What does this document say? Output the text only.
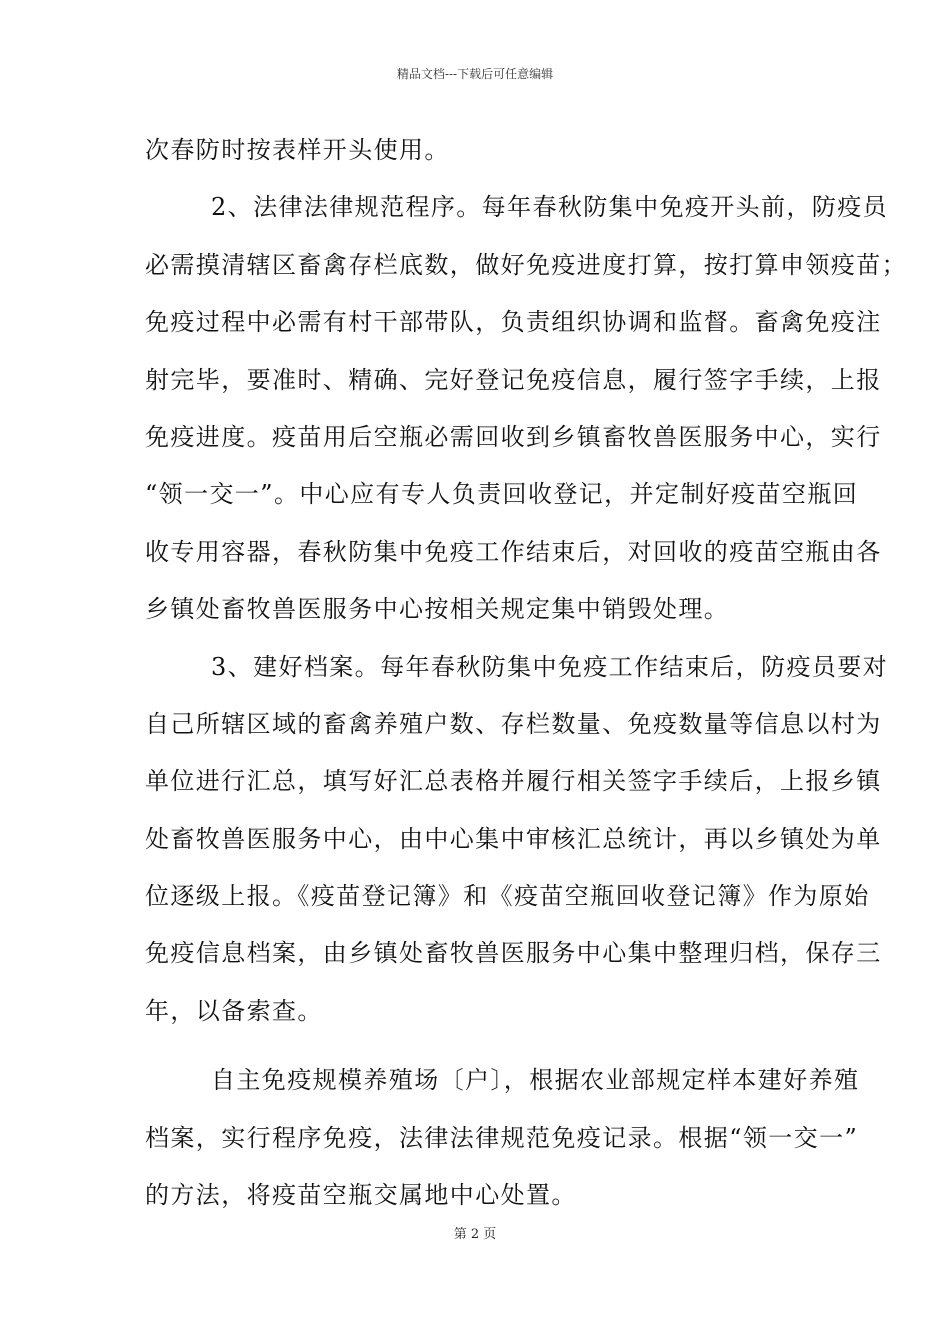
精品文档---下载后可任意编辑
次春防时按表样开头使用。
2、法律法律规范程序。每年春秋防集中免疫开头前，防疫员
必需摸清辖区畜禽存栏底数，做好免疫进度打算，按打算申领疫苗；
免疫过程中必需有村干部带队，负责组织协调和监督。畜禽免疫注
射完毕，要准时、精确、完好登记免疫信息，履行签字手续，上报
免疫进度。疫苗用后空瓶必需回收到乡镇畜牧兽医服务中心，实行
“领一交一”。中心应有专人负责回收登记，并定制好疫苗空瓶回
收专用容器，春秋防集中免疫工作结束后，对回收的疫苗空瓶由各
乡镇处畜牧兽医服务中心按相关规定集中销毁处理。
3、建好档案。每年春秋防集中免疫工作结束后，防疫员要对
自己所辖区域的畜禽养殖户数、存栏数量、免疫数量等信息以村为
单位进行汇总，填写好汇总表格并履行相关签字手续后，上报乡镇
处畜牧兽医服务中心，由中心集中审核汇总统计，再以乡镇处为单
位逐级上报。《疫苗登记簿》和《疫苗空瓶回收登记簿》作为原始
免疫信息档案，由乡镇处畜牧兽医服务中心集中整理归档，保存三
年，以备索查。
自主免疫规模养殖场〔户〕，根据农业部规定样本建好养殖
档案，实行程序免疫，法律法律规范免疫记录。根据“领一交一”
的方法，将疫苗空瓶交属地中心处置。
第 2 页
